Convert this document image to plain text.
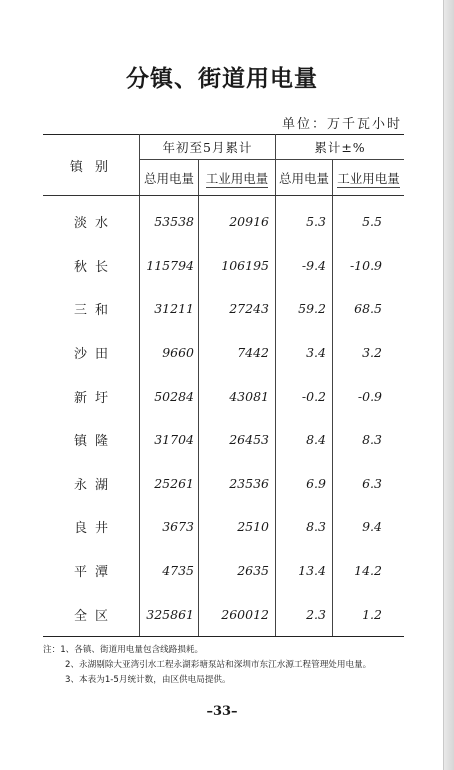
分镇、街道用电量
单位：万千瓦小时
镇 别	年初至5月累计		累计±%	
	总用电量	工业用电量	总用电量	工业用电量
淡水	53538	20916	5.3	5.5
秋长	115794	106195	-9.4	-10.9
三和	31211	27243	59.2	68.5
沙田	9660	7442	3.4	3.2
新圩	50284	43081	-0.2	-0.9
镇隆	31704	26453	8.4	8.3
永湖	25261	23536	6.9	6.3
良井	3673	2510	8.3	9.4
平潭	4735	2635	13.4	14.2
全区	325861	260012	2.3	1.2
注：1、各镇、街道用电量包含线路损耗。
2、永湖剔除大亚湾引水工程永湖彩塘泵站和深圳市东江水源工程管理处用电量。
3、本表为1-5月统计数，由区供电局提供。
–33–
